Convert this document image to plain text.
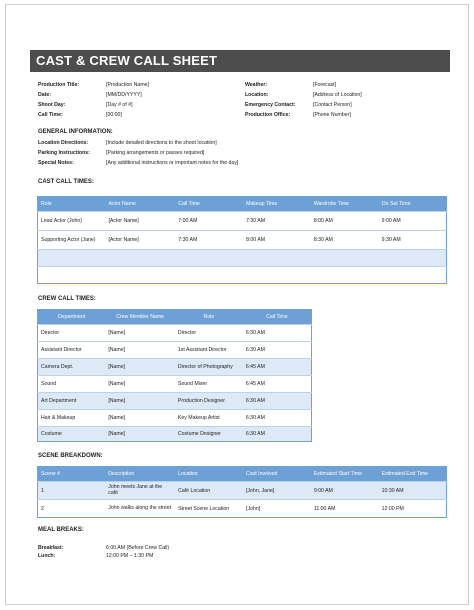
CAST & CREW CALL SHEET
Production Title:	[Production Name]
Date:	[MM/DD/YYYY]
Shoot Day:	[Day # of #]
Call Time:	[00:00]
Weather:	[Forecast]
Location:	[Address of Location]
Emergency Contact:	[Contact Person]
Production Office:	[Phone Number]
GENERAL INFORMATION:
Location Directions:	[Include detailed directions to the shoot location]
Parking Instructions:	[Parking arrangements or passes required]
Special Notes:	[Any additional instructions or important notes for the day]
CAST CALL TIMES:
Role	Actor Name	Call Time	Makeup Time	Wardrobe Time	On Set Time
Lead Actor (John)	[Actor Name]	7:00 AM	7:30 AM	8:00 AM	9:00 AM
Supporting Actor (Jane)	[Actor Name]	7:30 AM	8:00 AM	8:30 AM	9:30 AM

CREW CALL TIMES:
Department	Crew Member Name	Role	Call Time
Director	[Name]	Director	6:30 AM
Assistant Director	[Name]	1st Assistant Director	6:30 AM
Camera Dept.	[Name]	Director of Photography	6:45 AM
Sound	[Name]	Sound Mixer	6:45 AM
Art Department	[Name]	Production Designer	6:30 AM
Hair & Makeup	[Name]	Key Makeup Artist	6:30 AM
Costume	[Name]	Costume Designer	6:30 AM
SCENE BREAKDOWN:
Scene #	Description	Location	Cast Involved	Estimated Start Time	Estimated End Time
1	John meets Jane at the café	Café Location	[John, Jane]	9:00 AM	10:30 AM
2	John walks along the street	Street Scene Location	[John]	11:00 AM	12:00 PM
MEAL BREAKS:
Breakfast:	6:00 AM (Before Crew Call)
Lunch:	12:00 PM – 1:30 PM
